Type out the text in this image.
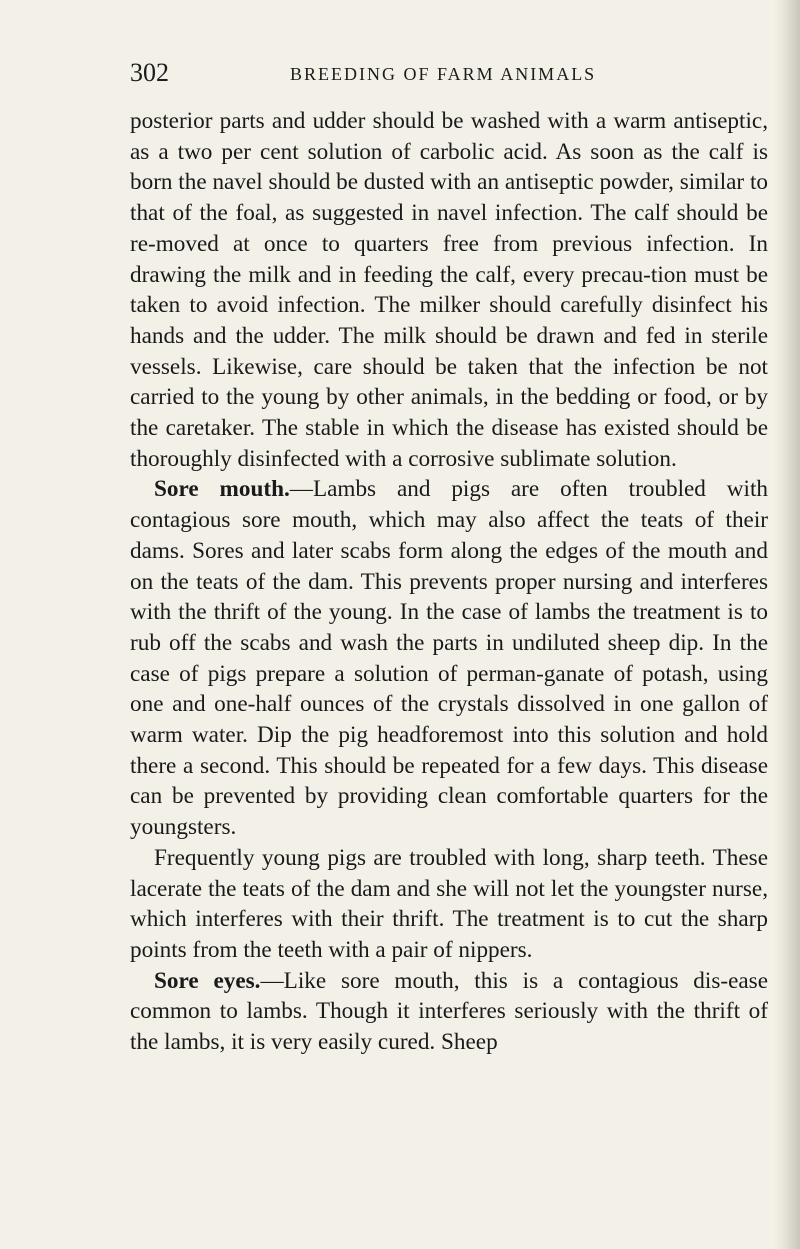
302	BREEDING OF FARM ANIMALS

posterior parts and udder should be washed with a warm antiseptic, as a two per cent solution of carbolic acid. As soon as the calf is born the navel should be dusted with an antiseptic powder, similar to that of the foal, as suggested in navel infection. The calf should be re-moved at once to quarters free from previous infection. In drawing the milk and in feeding the calf, every precau-tion must be taken to avoid infection. The milker should carefully disinfect his hands and the udder. The milk should be drawn and fed in sterile vessels. Likewise, care should be taken that the infection be not carried to the young by other animals, in the bedding or food, or by the caretaker. The stable in which the disease has existed should be thoroughly disinfected with a corrosive sublimate solution.

Sore mouth.—Lambs and pigs are often troubled with contagious sore mouth, which may also affect the teats of their dams. Sores and later scabs form along the edges of the mouth and on the teats of the dam. This prevents proper nursing and interferes with the thrift of the young. In the case of lambs the treatment is to rub off the scabs and wash the parts in undiluted sheep dip. In the case of pigs prepare a solution of perman-ganate of potash, using one and one-half ounces of the crystals dissolved in one gallon of warm water. Dip the pig headforemost into this solution and hold there a second. This should be repeated for a few days. This disease can be prevented by providing clean comfortable quarters for the youngsters.

Frequently young pigs are troubled with long, sharp teeth. These lacerate the teats of the dam and she will not let the youngster nurse, which interferes with their thrift. The treatment is to cut the sharp points from the teeth with a pair of nippers.

Sore eyes.—Like sore mouth, this is a contagious dis-ease common to lambs. Though it interferes seriously with the thrift of the lambs, it is very easily cured. Sheep
